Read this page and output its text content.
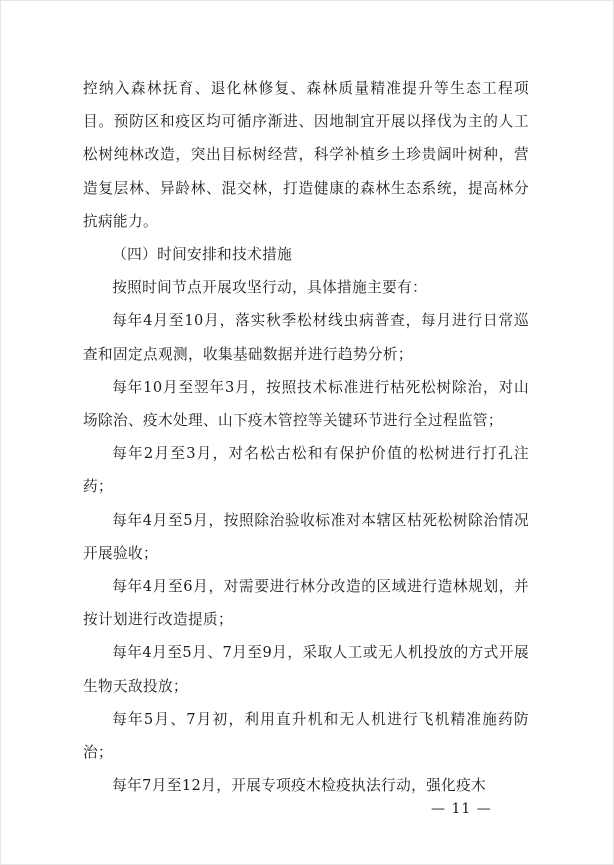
控纳入森林抚育、退化林修复、森林质量精准提升等生态工程项目。预防区和疫区均可循序渐进、因地制宜开展以择伐为主的人工松树纯林改造，突出目标树经营，科学补植乡土珍贵阔叶树种，营造复层林、异龄林、混交林，打造健康的森林生态系统，提高林分抗病能力。

（四）时间安排和技术措施

按照时间节点开展攻坚行动，具体措施主要有：

每年4月至10月，落实秋季松材线虫病普查，每月进行日常巡查和固定点观测，收集基础数据并进行趋势分析；

每年10月至翌年3月，按照技术标准进行枯死松树除治，对山场除治、疫木处理、山下疫木管控等关键环节进行全过程监管；

每年2月至3月，对名松古松和有保护价值的松树进行打孔注药；

每年4月至5月，按照除治验收标准对本辖区枯死松树除治情况开展验收；

每年4月至6月，对需要进行林分改造的区域进行造林规划，并按计划进行改造提质；

每年4月至5月、7月至9月，采取人工或无人机投放的方式开展生物天敌投放；

每年5月、7月初，利用直升机和无人机进行飞机精准施药防治；

每年7月至12月，开展专项疫木检疫执法行动，强化疫木

— 11 —
